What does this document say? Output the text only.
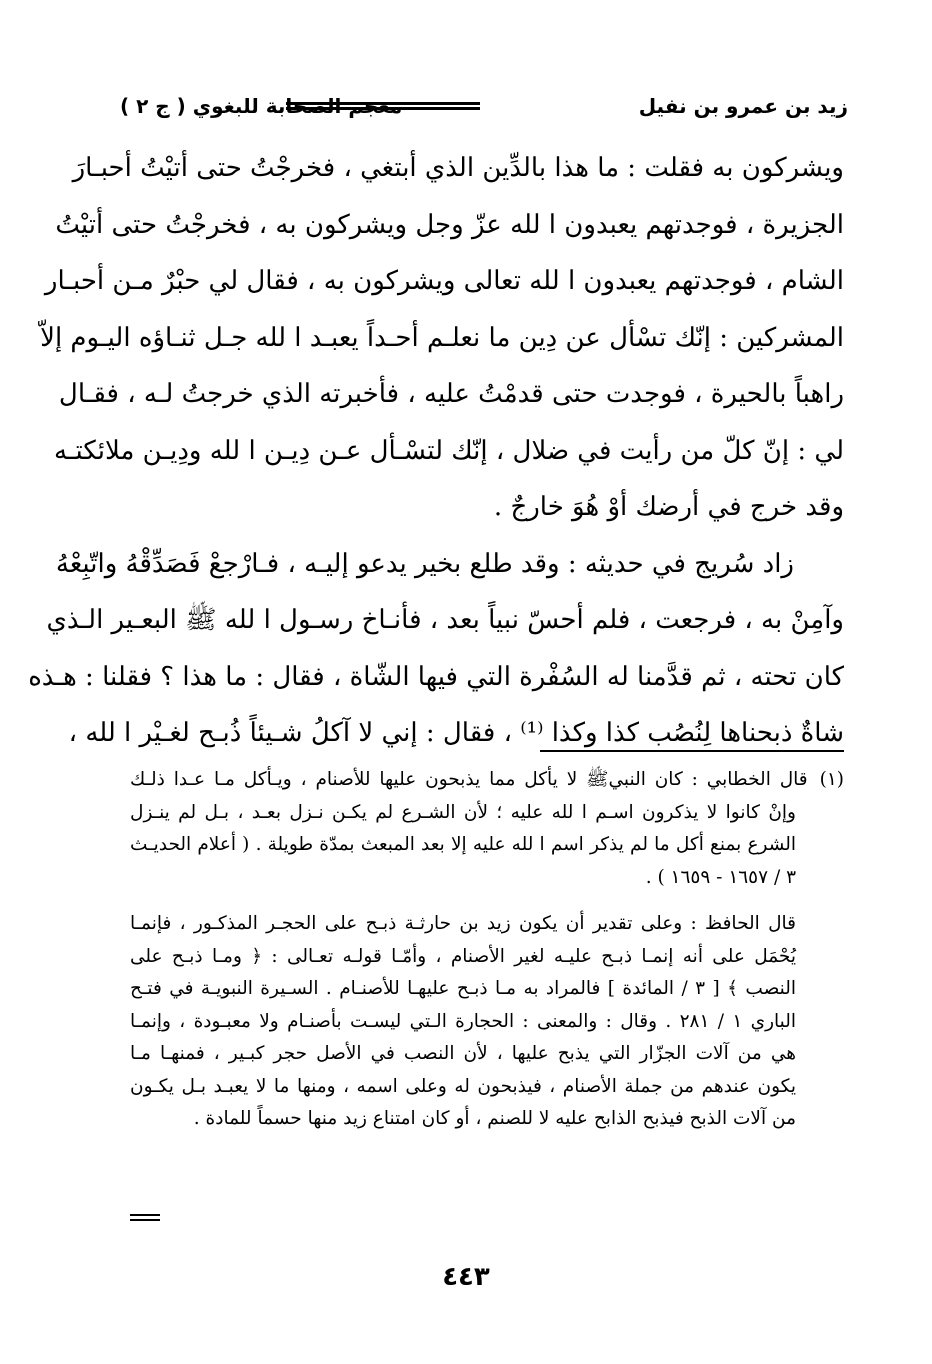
زيد بن عمرو بن نفيل
معجم الصحابة للبغوي ( ج ٢ )
ويشركون به فقلت : ما هذا بالدِّين الذي أبتغي ، فخرجْتُ حتى أتيْتُ أحبـارَ
الجزيرة ، فوجدتهم يعبدون ا لله عزّ وجل ويشركون به ، فخرجْتُ حتى أتيْتُ
الشام ، فوجدتهم يعبدون ا لله تعالى ويشركون به ، فقال لي حبْرٌ مـن أحبـار
المشركين : إنّك تسْأل عن دِين ما نعلـم أحـداً يعبـد ا لله جـل ثنـاؤه اليـوم إلاّ
راهباً بالحيرة ، فوجدت حتى قدمْتُ عليه ، فأخبرته الذي خرجتُ لـه ، فقـال
لي : إنّ كلّ من رأيت في ضلال ، إنّك لتسْـأل عـن دِيـن ا لله ودِيـن ملائكتـه
وقد خرج في أرضك أوْ هُوَ خارجٌ .
زاد سُريج في حديثه : وقد طلع بخير يدعو إليـه ، فـارْجعْ فَصَدِّقْهُ واتّبِعْهُ
وآمِنْ به ، فرجعت ، فلم أحسّ نبياً بعد ، فأنـاخ رسـول ا لله ﷺ البعـير الـذي
كان تحته ، ثم قدَّمنا له السُفْرة التي فيها الشّاة ، فقال : ما هذا ؟ فقلنا : هـذه
شاةٌ ذبحناها لِنُصُب كذا وكذا ⁽¹⁾ ، فقال : إني لا آكلُ شـيئاً ذُبـح لغـيْر ا لله ،
(١)قال الخطابي : كان النبيﷺ لا يأكل مما يذبحون عليها للأصنام ، ويـأكل مـا عـدا ذلـك
وإنْ كانوا لا يذكرون اسـم ا لله عليه ؛ لأن الشـرع لم يكـن نـزل بعـد ، بـل لم ينـزل
الشرع بمنع أكل ما لم يذكر اسم ا لله عليه إلا بعد المبعث بمدّة طويلة . ( أعلام الحديـث
٣ / ١٦٥٧ - ١٦٥٩ ) .
قال الحافظ : وعلى تقدير أن يكون زيد بن حارثـة ذبـح على الحجـر المذكـور ، فإنمـا
يُحْمَل على أنه إنمـا ذبـح عليـه لغير الأصنام ، وأمّـا قولـه تعـالى : ﴿ ومـا ذبـح على
النصب ﴾ [ ٣ / المائدة ] فالمراد به مـا ذبـح عليهـا للأصنـام . السـيرة النبويـة في فتـح
الباري ١ / ٢٨١ . وقال : والمعنى : الحجارة الـتي ليسـت بأصنـام ولا معبـودة ، وإنمـا
هي من آلات الجزّار التي يذبح عليها ، لأن النصب في الأصل حجر كبـير ، فمنهـا مـا
يكون عندهم من جملة الأصنام ، فيذبحون له وعلى اسمه ، ومنها ما لا يعبـد بـل يكـون
من آلات الذبح فيذبح الذابح عليه لا للصنم ، أو كان امتناع زيد منها حسماً للمادة .
٤٤٣
